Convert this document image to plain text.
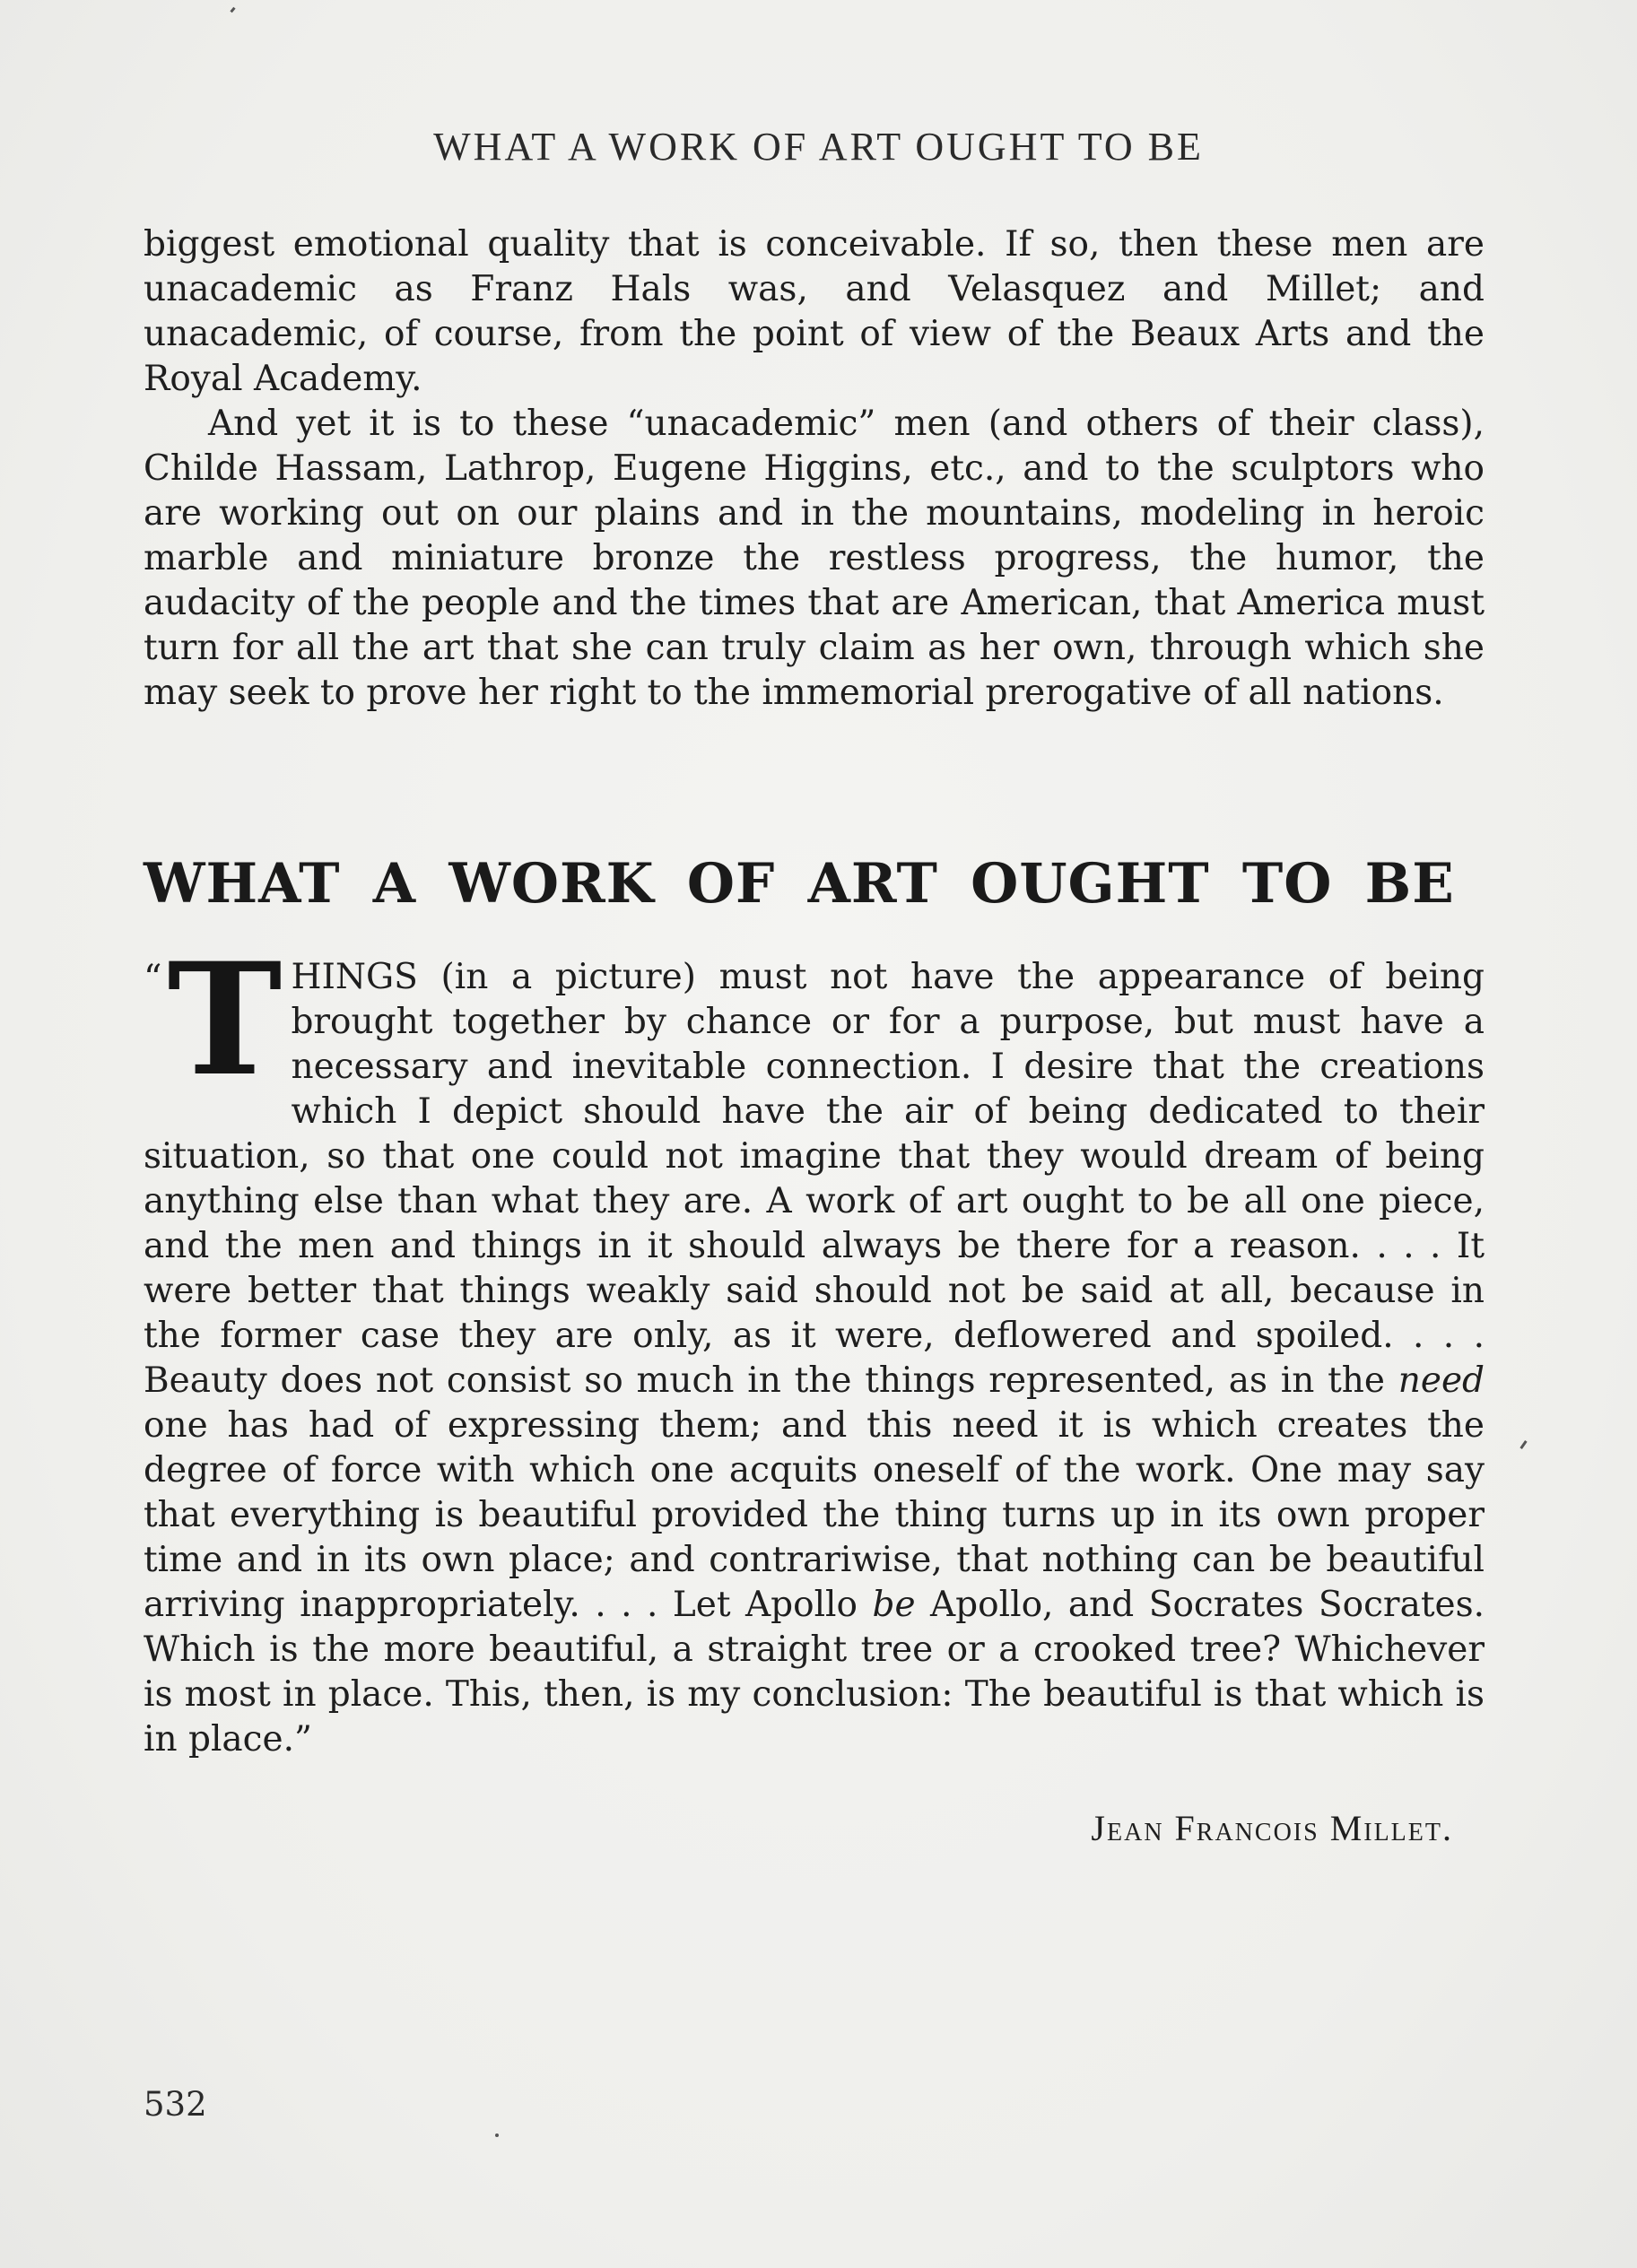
WHAT A WORK OF ART OUGHT TO BE

biggest emotional quality that is conceivable. If so, then these men are unacademic as Franz Hals was, and Velasquez and Millet; and unacademic, of course, from the point of view of the Beaux Arts and the Royal Academy.

And yet it is to these “unacademic” men (and others of their class), Childe Hassam, Lathrop, Eugene Higgins, etc., and to the sculptors who are working out on our plains and in the mountains, modeling in heroic marble and miniature bronze the restless progress, the humor, the audacity of the people and the times that are American, that America must turn for all the art that she can truly claim as her own, through which she may seek to prove her right to the immemorial prerogative of all nations.

WHAT A WORK OF ART OUGHT TO BE

“ T HINGS (in a picture) must not have the appearance of being brought together by chance or for a purpose, but must have a necessary and inevitable connection. I desire that the creations which I depict should have the air of being dedicated to their situation, so that one could not imagine that they would dream of being anything else than what they are. A work of art ought to be all one piece, and the men and things in it should always be there for a reason. . . . It were better that things weakly said should not be said at all, because in the former case they are only, as it were, deflowered and spoiled. . . . Beauty does not consist so much in the things represented, as in the need one has had of expressing them; and this need it is which creates the degree of force with which one acquits oneself of the work. One may say that everything is beautiful provided the thing turns up in its own proper time and in its own place; and contrariwise, that nothing can be beautiful arriving inappropriately. . . . Let Apollo be Apollo, and Socrates Socrates. Which is the more beautiful, a straight tree or a crooked tree? Whichever is most in place. This, then, is my conclusion: The beautiful is that which is in place.”

Jean Francois Millet.
532
